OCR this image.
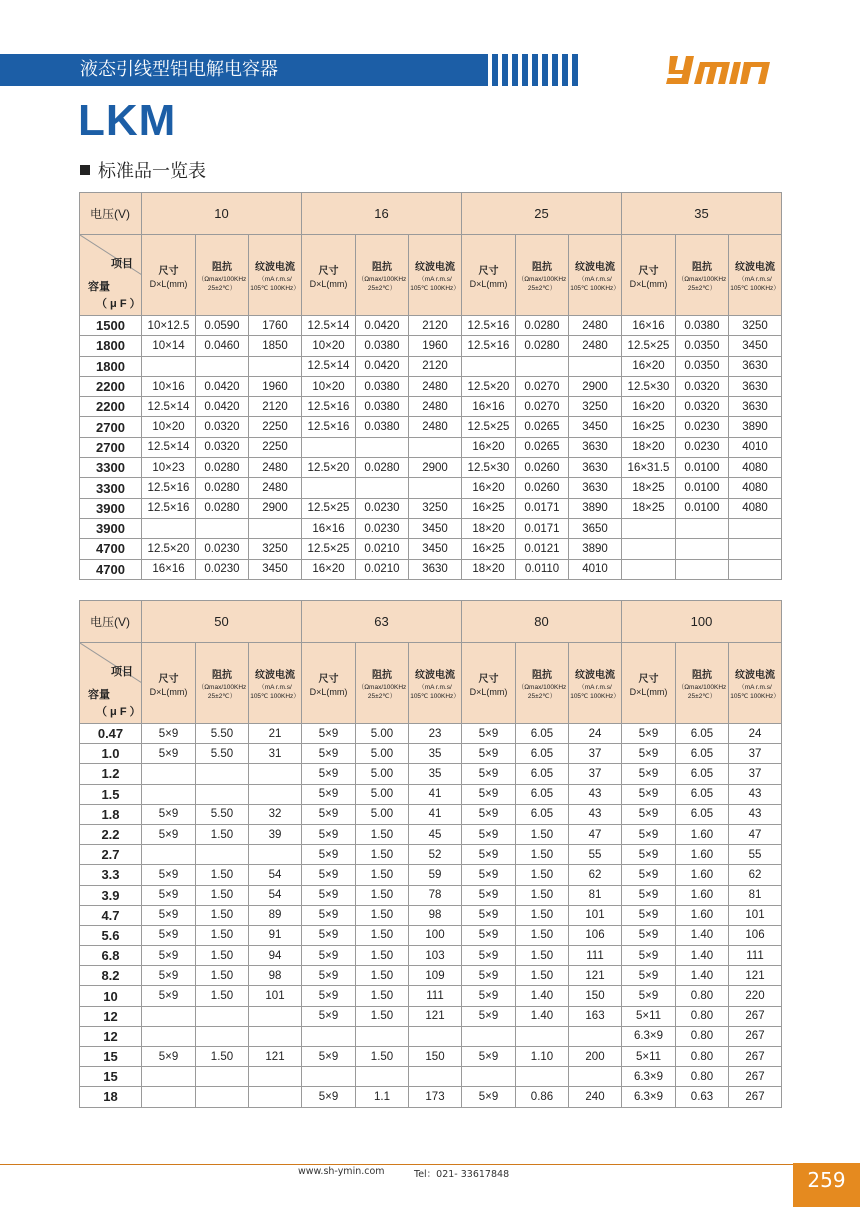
液态引线型铝电解电容器
LKM
标准品一览表
电压(V)	10			16			25			35		

项目
容量
（ μ F ）	尺寸
D×L(mm)	阻抗
（Ωmax/100KHz
25±2℃）	纹波电流
（mA r.m.s/
105℃ 100KHz）	尺寸
D×L(mm)	阻抗
（Ωmax/100KHz
25±2℃）	纹波电流
（mA r.m.s/
105℃ 100KHz）	尺寸
D×L(mm)	阻抗
（Ωmax/100KHz
25±2℃）	纹波电流
（mA r.m.s/
105℃ 100KHz）	尺寸
D×L(mm)	阻抗
（Ωmax/100KHz
25±2℃）	纹波电流
（mA r.m.s/
105℃ 100KHz）

1500	10×12.5	0.0590	1760	12.5×14	0.0420	2120	12.5×16	0.0280	2480	16×16	0.0380	3250
1800	10×14	0.0460	1850	10×20	0.0380	1960	12.5×16	0.0280	2480	12.5×25	0.0350	3450
1800				12.5×14	0.0420	2120				16×20	0.0350	3630
2200	10×16	0.0420	1960	10×20	0.0380	2480	12.5×20	0.0270	2900	12.5×30	0.0320	3630
2200	12.5×14	0.0420	2120	12.5×16	0.0380	2480	16×16	0.0270	3250	16×20	0.0320	3630
2700	10×20	0.0320	2250	12.5×16	0.0380	2480	12.5×25	0.0265	3450	16×25	0.0230	3890
2700	12.5×14	0.0320	2250				16×20	0.0265	3630	18×20	0.0230	4010
3300	10×23	0.0280	2480	12.5×20	0.0280	2900	12.5×30	0.0260	3630	16×31.5	0.0100	4080
3300	12.5×16	0.0280	2480				16×20	0.0260	3630	18×25	0.0100	4080
3900	12.5×16	0.0280	2900	12.5×25	0.0230	3250	16×25	0.0171	3890	18×25	0.0100	4080
3900				16×16	0.0230	3450	18×20	0.0171	3650			
4700	12.5×20	0.0230	3250	12.5×25	0.0210	3450	16×25	0.0121	3890			
4700	16×16	0.0230	3450	16×20	0.0210	3630	18×20	0.0110	4010			
电压(V)	50			63			80			100		

项目
容量
（ μ F ）	尺寸
D×L(mm)	阻抗
（Ωmax/100KHz
25±2℃）	纹波电流
（mA r.m.s/
105℃ 100KHz）	尺寸
D×L(mm)	阻抗
（Ωmax/100KHz
25±2℃）	纹波电流
（mA r.m.s/
105℃ 100KHz）	尺寸
D×L(mm)	阻抗
（Ωmax/100KHz
25±2℃）	纹波电流
（mA r.m.s/
105℃ 100KHz）	尺寸
D×L(mm)	阻抗
（Ωmax/100KHz
25±2℃）	纹波电流
（mA r.m.s/
105℃ 100KHz）

0.47	5×9	5.50	21	5×9	5.00	23	5×9	6.05	24	5×9	6.05	24
1.0	5×9	5.50	31	5×9	5.00	35	5×9	6.05	37	5×9	6.05	37
1.2				5×9	5.00	35	5×9	6.05	37	5×9	6.05	37
1.5				5×9	5.00	41	5×9	6.05	43	5×9	6.05	43
1.8	5×9	5.50	32	5×9	5.00	41	5×9	6.05	43	5×9	6.05	43
2.2	5×9	1.50	39	5×9	1.50	45	5×9	1.50	47	5×9	1.60	47
2.7				5×9	1.50	52	5×9	1.50	55	5×9	1.60	55
3.3	5×9	1.50	54	5×9	1.50	59	5×9	1.50	62	5×9	1.60	62
3.9	5×9	1.50	54	5×9	1.50	78	5×9	1.50	81	5×9	1.60	81
4.7	5×9	1.50	89	5×9	1.50	98	5×9	1.50	101	5×9	1.60	101
5.6	5×9	1.50	91	5×9	1.50	100	5×9	1.50	106	5×9	1.40	106
6.8	5×9	1.50	94	5×9	1.50	103	5×9	1.50	111	5×9	1.40	111
8.2	5×9	1.50	98	5×9	1.50	109	5×9	1.50	121	5×9	1.40	121
10	5×9	1.50	101	5×9	1.50	111	5×9	1.40	150	5×9	0.80	220
12				5×9	1.50	121	5×9	1.40	163	5×11	0.80	267
12										6.3×9	0.80	267
15	5×9	1.50	121	5×9	1.50	150	5×9	1.10	200	5×11	0.80	267
15										6.3×9	0.80	267
18				5×9	1.1	173	5×9	0.86	240	6.3×9	0.63	267
www.sh-ymin.com	Tel：021- 33617848	259
